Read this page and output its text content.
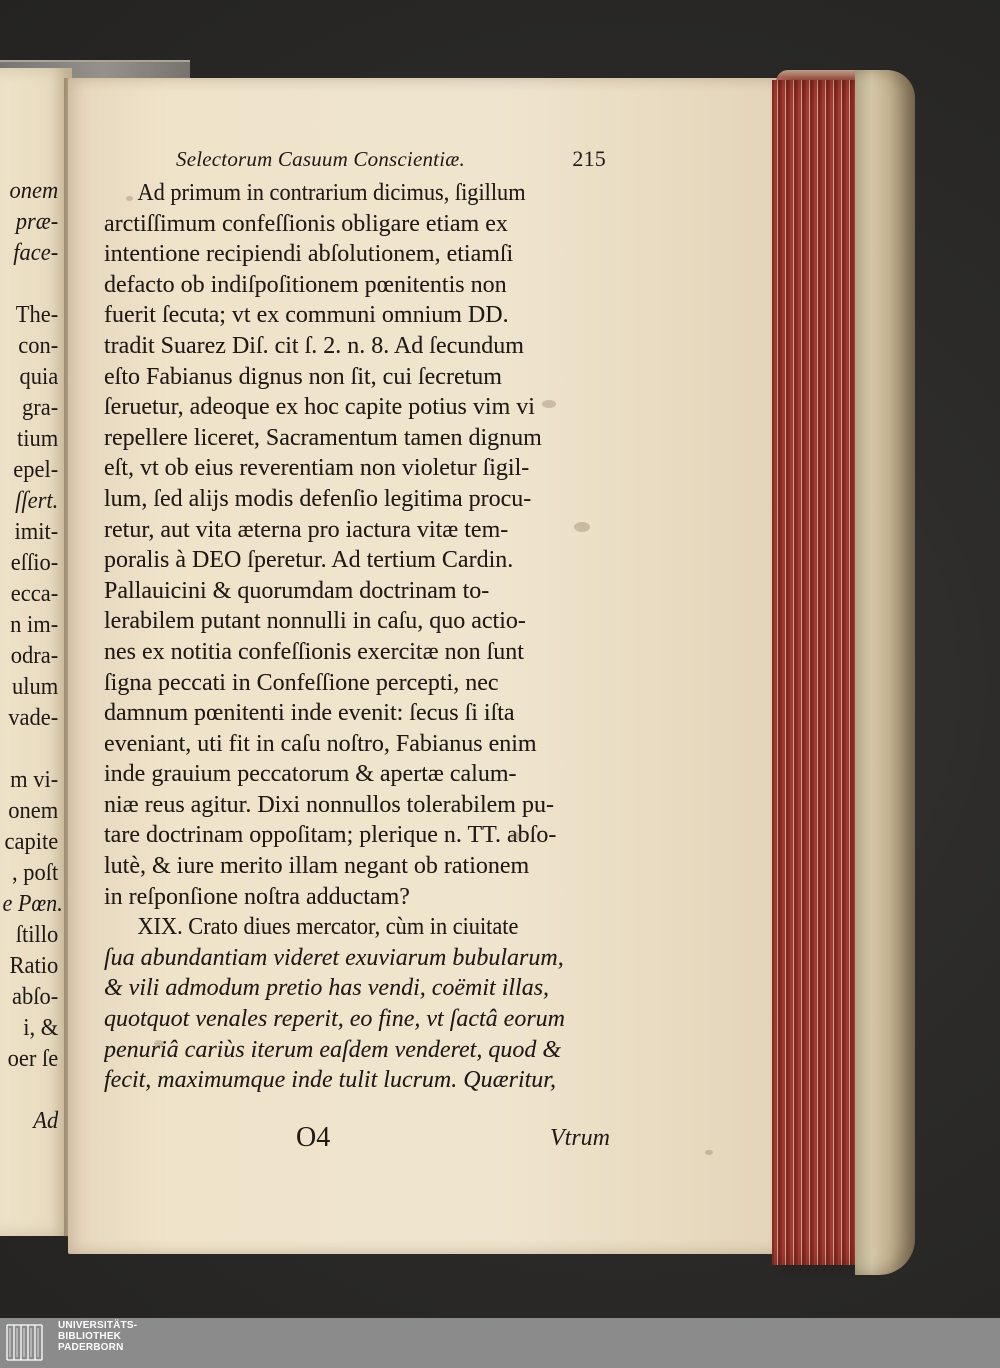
onem
præ-
face-
The-
con-
quia
gra-
tium
epel-
ſſert.
imit-
eſſio-
ecca-
n im-
odra-
ulum
vade-
m vi-
onem
capite
, poſt
e Pœn.
ſtillo
Ratio
abſo-
i, &
oer ſe
Ad
Selectorum Casuum Conscientiæ.	215
Ad primum in contrarium dicimus, ſigillum
arctiſſimum confeſſionis obligare etiam ex
intentione recipiendi abſolutionem, etiamſi
defacto ob indiſpoſitionem pœnitentis non
fuerit ſecuta; vt ex communi omnium DD.
tradit Suarez Diſ. cit ſ. 2. n. 8. Ad ſecundum
eſto Fabianus dignus non ſit, cui ſecretum
ſeruetur, adeoque ex hoc capite potius vim vi
repellere liceret, Sacramentum tamen dignum
eſt, vt ob eius reverentiam non violetur ſigil-
lum, ſed alijs modis defenſio legitima procu-
retur, aut vita æterna pro iactura vitæ tem-
poralis à DEO ſperetur. Ad tertium Cardin.
Pallauicini & quorumdam doctrinam to-
lerabilem putant nonnulli in caſu, quo actio-
nes ex notitia confeſſionis exercitæ non ſunt
ſigna peccati in Confeſſione percepti, nec
damnum pœnitenti inde evenit: ſecus ſi iſta
eveniant, uti fit in caſu noſtro, Fabianus enim
inde grauium peccatorum & apertæ calum-
niæ reus agitur. Dixi nonnullos tolerabilem pu-
tare doctrinam oppoſitam; plerique n. TT. abſo-
lutè, & iure merito illam negant ob rationem
in reſponſione noſtra adductam?
XIX. Crato diues mercator, cùm in ciuitate
ſua abundantiam videret exuviarum bubularum,
& vili admodum pretio has vendi, coëmit illas,
quotquot venales reperit, eo fine, vt ſactâ eorum
penuriâ cariùs iterum eaſdem venderet, quod &
fecit, maximumque inde tulit lucrum. Quæritur,
O4	Vtrum
UNIVERSITÄTS-
BIBLIOTHEK
PADERBORN
